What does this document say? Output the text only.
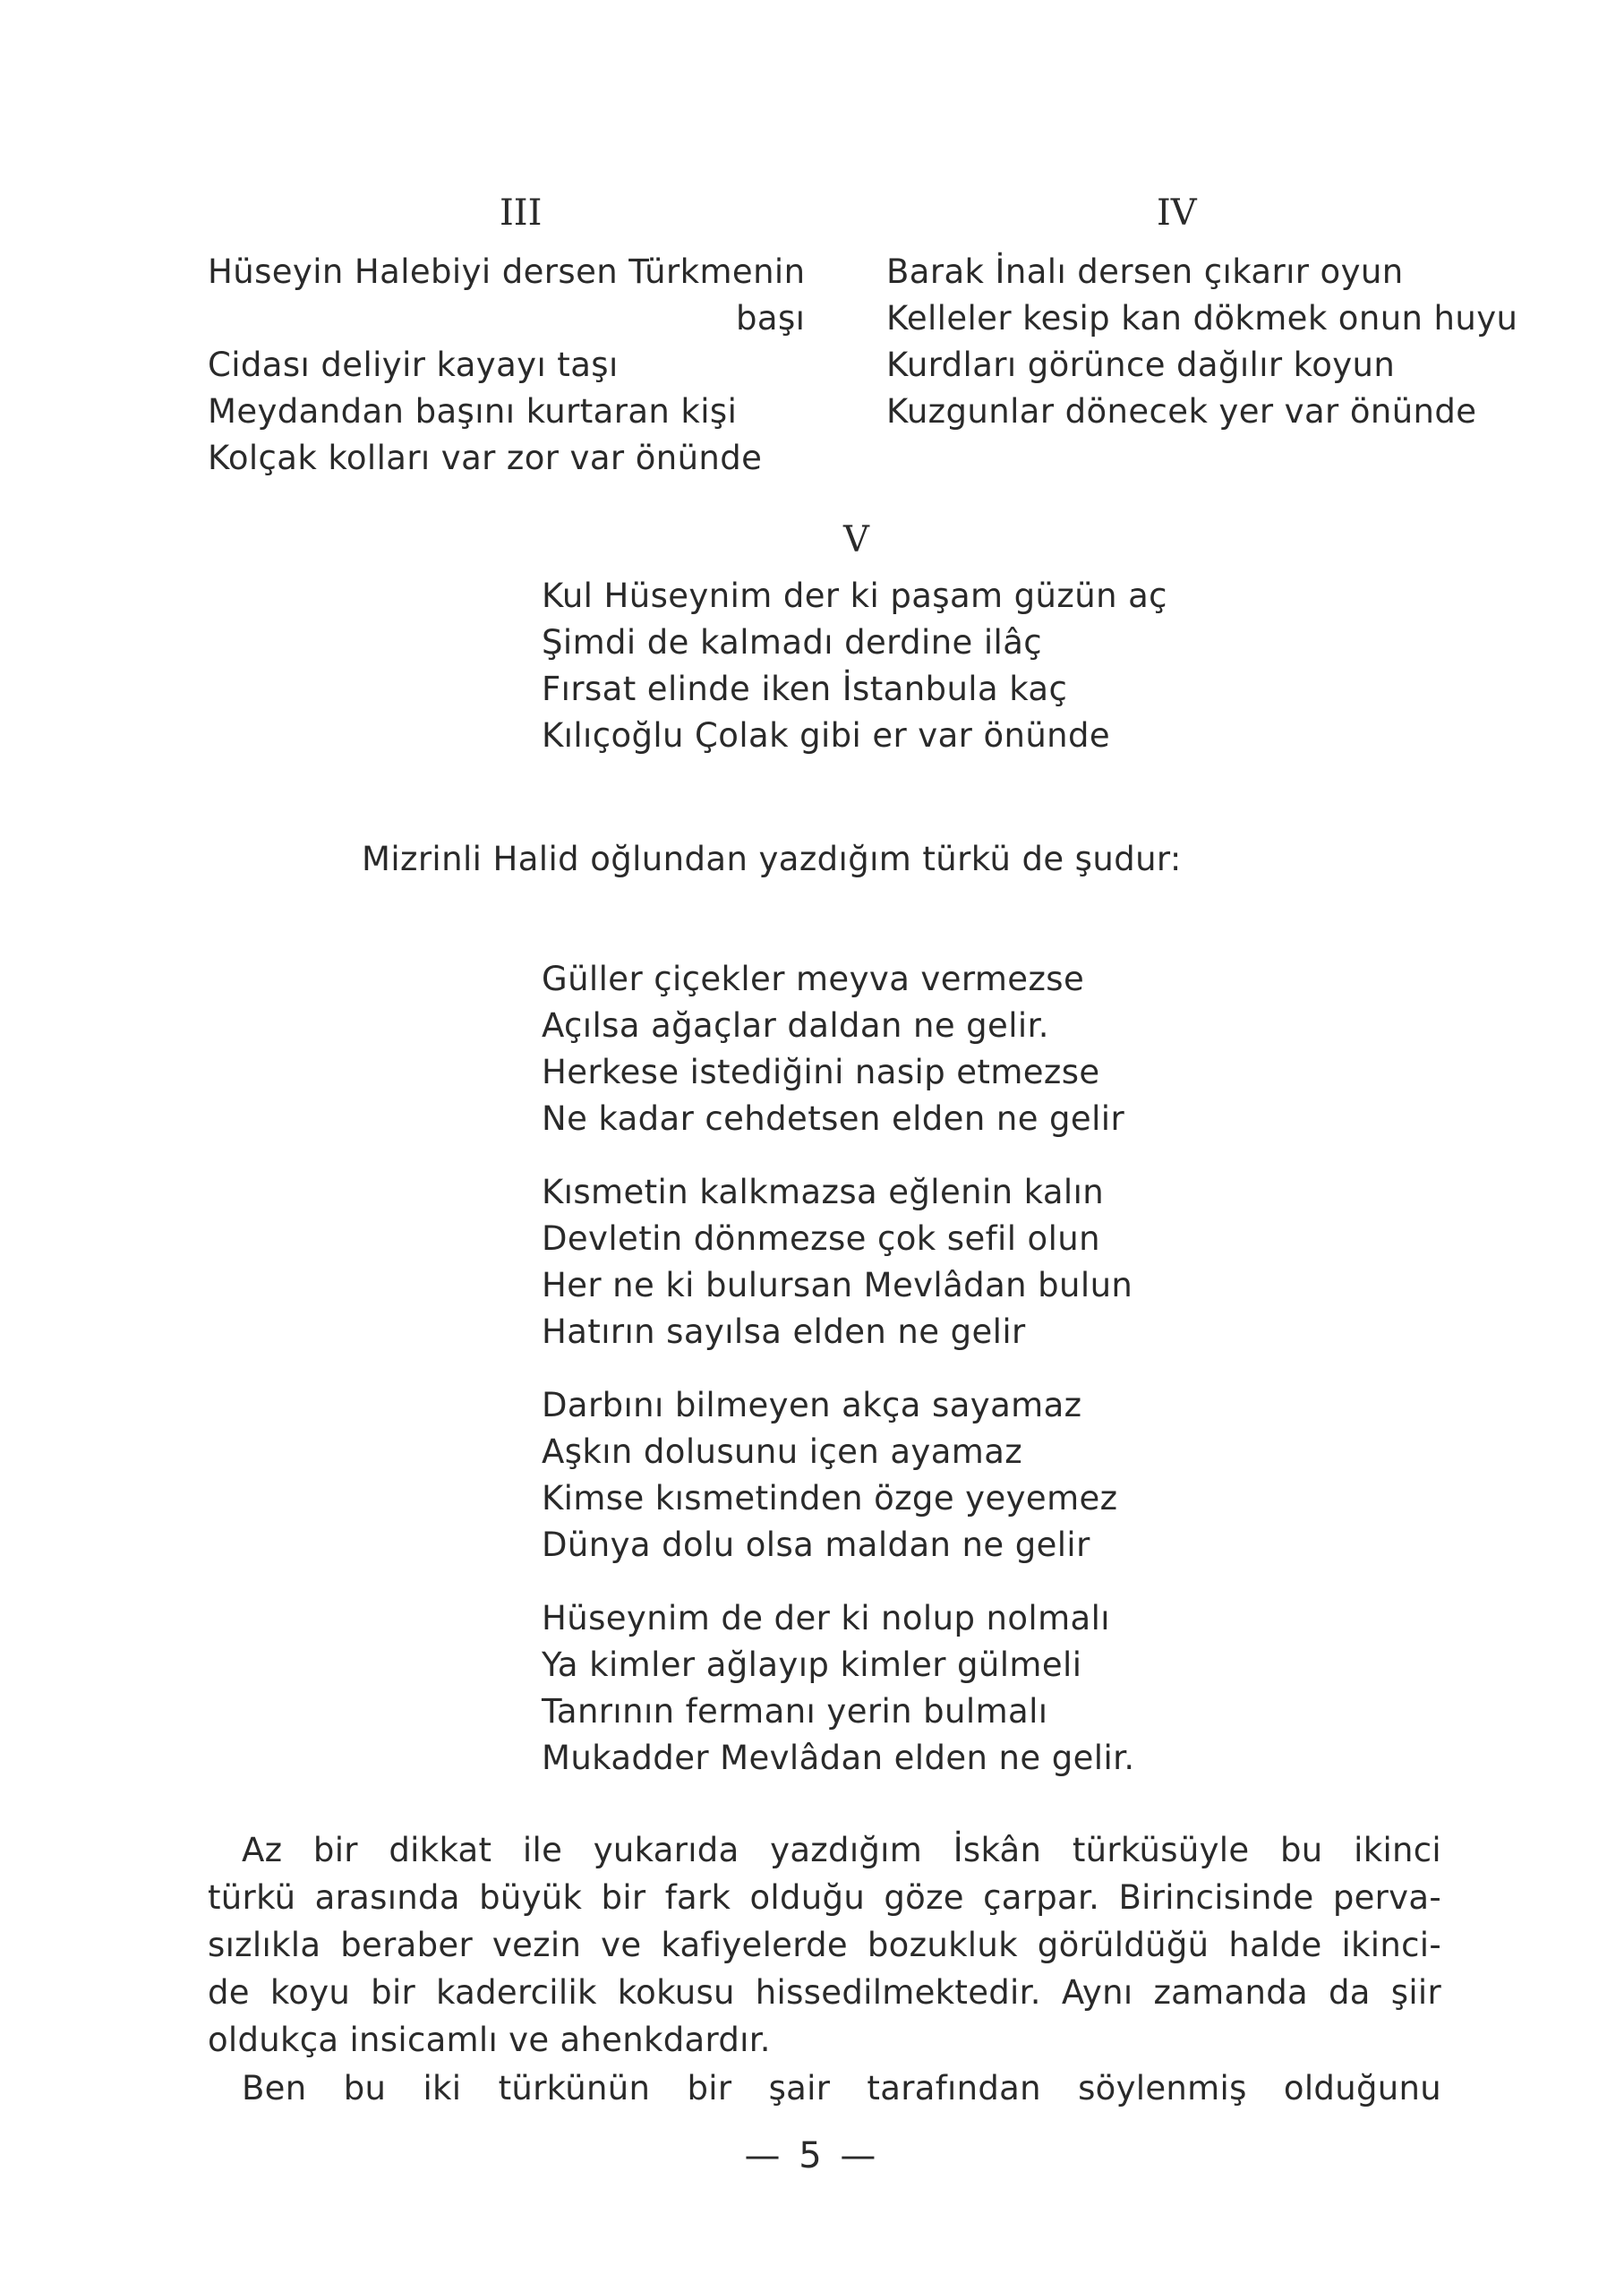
III
Hüseyin Halebiyi dersen Türkmenin
başı
Cidası deliyir kayayı taşı
Meydandan başını kurtaran kişi
Kolçak kolları var zor var önünde
IV
Barak İnalı dersen çıkarır oyun
Kelleler kesip kan dökmek onun huyu
Kurdları görünce dağılır koyun
Kuzgunlar dönecek yer var önünde
V
Kul Hüseynim der ki paşam güzün aç
Şimdi de kalmadı derdine ilâç
Fırsat elinde iken İstanbula kaç
Kılıçoğlu Çolak gibi er var önünde
Mizrinli Halid oğlundan yazdığım türkü de şudur:
Güller çiçekler meyva vermezse
Açılsa ağaçlar daldan ne gelir.
Herkese istediğini nasip etmezse
Ne kadar cehdetsen elden ne gelir
Kısmetin kalkmazsa eğlenin kalın
Devletin dönmezse çok sefil olun
Her ne ki bulursan Mevlâdan bulun
Hatırın sayılsa elden ne gelir
Darbını bilmeyen akça sayamaz
Aşkın dolusunu içen ayamaz
Kimse kısmetinden özge yeyemez
Dünya dolu olsa maldan ne gelir
Hüseynim de der ki nolup nolmalı
Ya kimler ağlayıp kimler gülmeli
Tanrının fermanı yerin bulmalı
Mukadder Mevlâdan elden ne gelir.
Az bir dikkat ile yukarıda yazdığım İskân türküsüyle bu ikinci
türkü arasında büyük bir fark olduğu göze çarpar. Birincisinde perva-
sızlıkla beraber vezin ve kafiyelerde bozukluk görüldüğü halde ikinci-
de koyu bir kadercilik kokusu hissedilmektedir. Aynı zamanda da şiir
oldukça insicamlı ve ahenkdardır.
Ben bu iki türkünün bir şair tarafından söylenmiş olduğunu
— 5 —
